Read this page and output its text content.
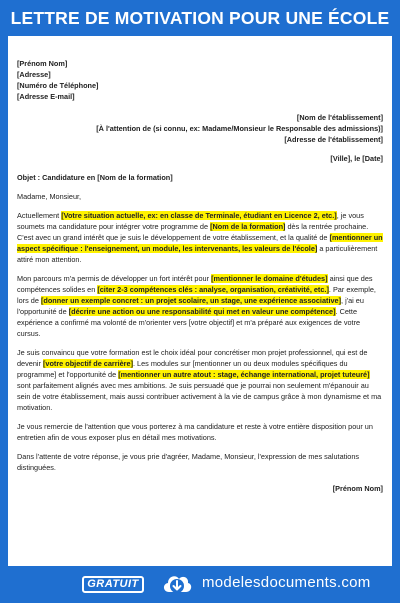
LETTRE DE MOTIVATION POUR UNE ÉCOLE
[Prénom Nom]
[Adresse]
[Numéro de Téléphone]
[Adresse E-mail]
[Nom de l'établissement]
[À l'attention de (si connu, ex: Madame/Monsieur le Responsable des admissions)]
[Adresse de l'établissement]
[Ville], le [Date]

Objet : Candidature en [Nom de la formation]

Madame, Monsieur,

Actuellement [Votre situation actuelle, ex: en classe de Terminale, étudiant en Licence 2, etc.], je vous soumets ma candidature pour intégrer votre programme de [Nom de la formation] dès la rentrée prochaine. C'est avec un grand intérêt que je suis le développement de votre établissement, et la qualité de [mentionner un aspect spécifique : l'enseignement, un module, les intervenants, les valeurs de l'école] a particulièrement attiré mon attention.

Mon parcours m'a permis de développer un fort intérêt pour [mentionner le domaine d'études] ainsi que des compétences solides en [citer 2-3 compétences clés : analyse, organisation, créativité, etc.]. Par exemple, lors de [donner un exemple concret : un projet scolaire, un stage, une expérience associative], j'ai eu l'opportunité de [décrire une action ou une responsabilité qui met en valeur une compétence]. Cette expérience a confirmé ma volonté de m'orienter vers [votre objectif] et m'a préparé aux exigences de votre cursus.

Je suis convaincu que votre formation est le choix idéal pour concrétiser mon projet professionnel, qui est de devenir [votre objectif de carrière]. Les modules sur [mentionner un ou deux modules spécifiques du programme] et l'opportunité de [mentionner un autre atout : stage, échange international, projet tuteuré] sont parfaitement alignés avec mes ambitions. Je suis persuadé que je pourrai non seulement m'épanouir au sein de votre établissement, mais aussi contribuer activement à la vie de campus grâce à mon dynamisme et ma motivation.

Je vous remercie de l'attention que vous porterez à ma candidature et reste à votre entière disposition pour un entretien afin de vous exposer plus en détail mes motivations.

Dans l'attente de votre réponse, je vous prie d'agréer, Madame, Monsieur, l'expression de mes salutations distinguées.

[Prénom Nom]

GRATUIT	modelesdocuments.com
